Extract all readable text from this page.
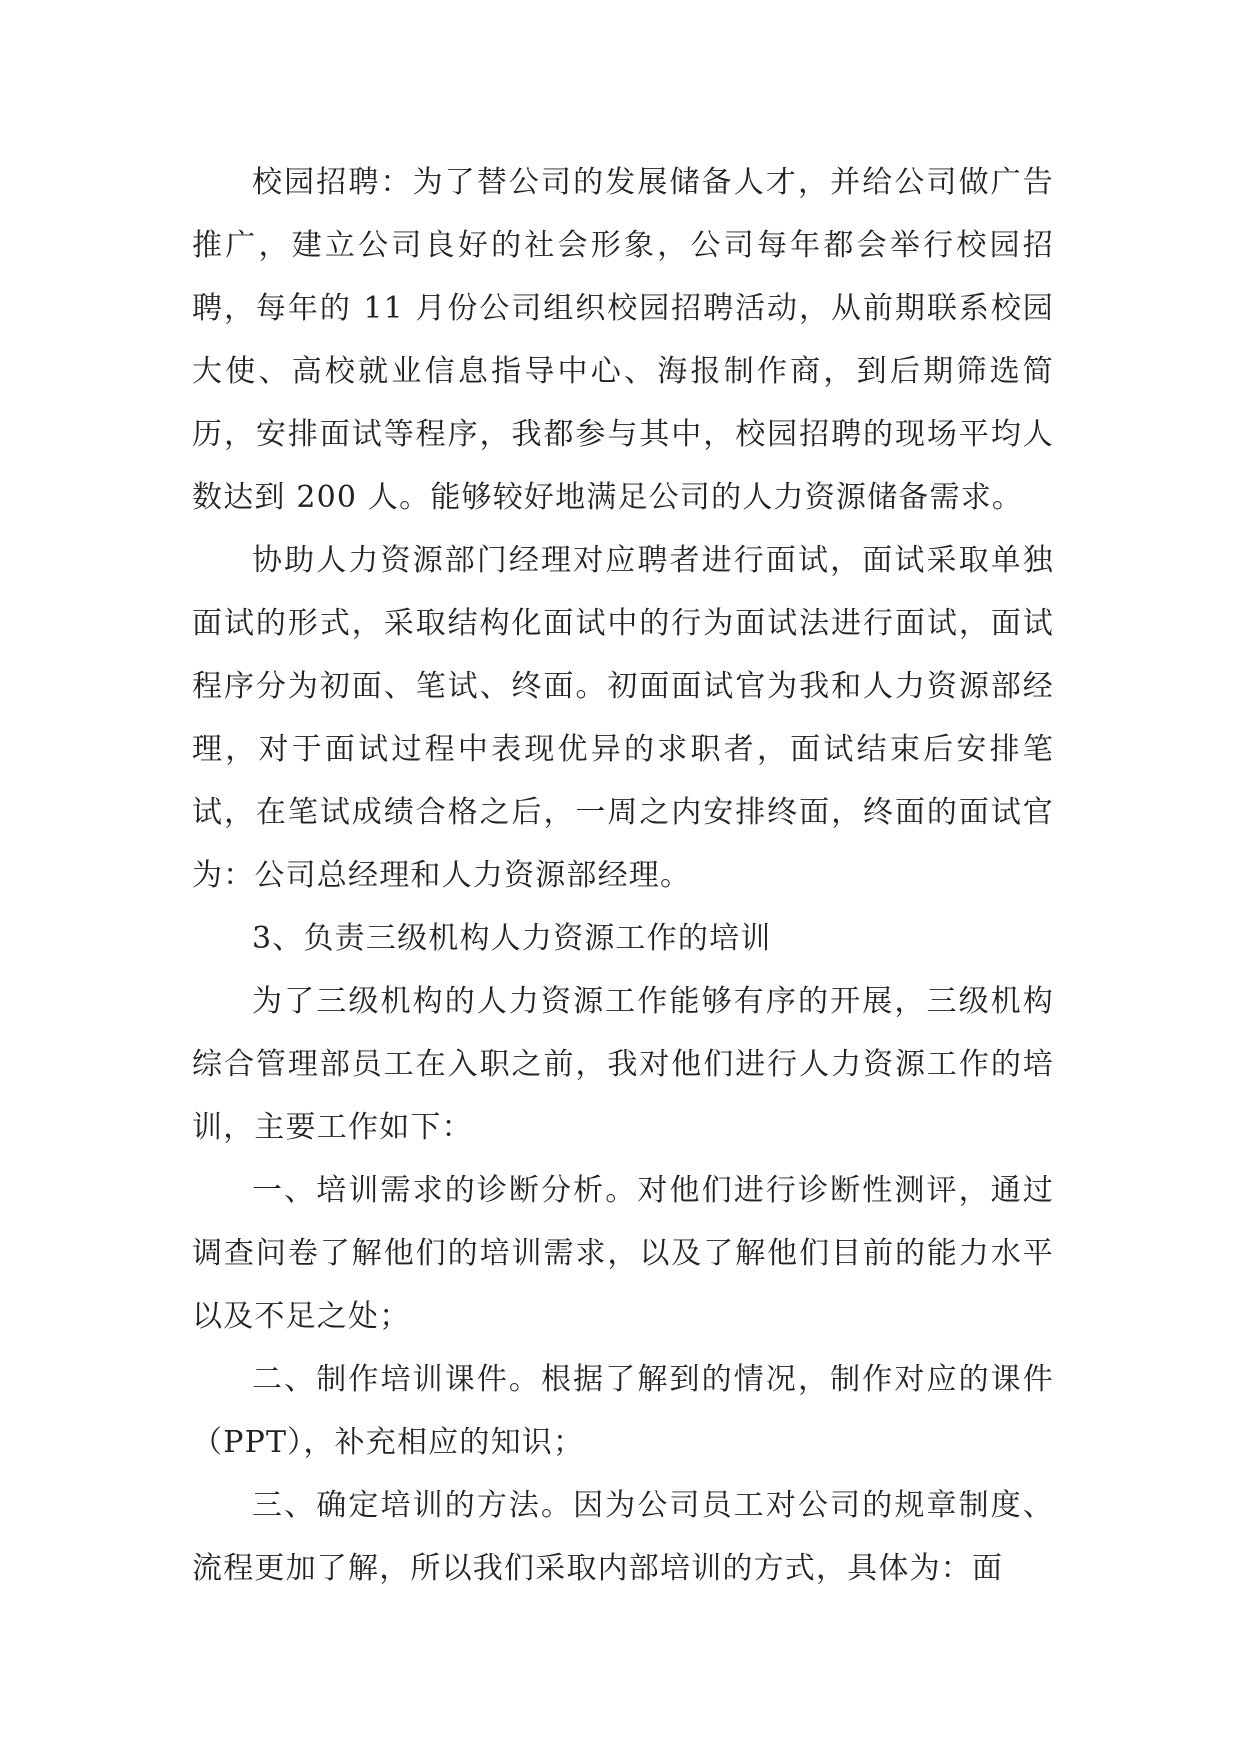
校园招聘：为了替公司的发展储备人才，并给公司做广告推广，建立公司良好的社会形象，公司每年都会举行校园招聘，每年的 11 月份公司组织校园招聘活动，从前期联系校园大使、高校就业信息指导中心、海报制作商，到后期筛选简历，安排面试等程序，我都参与其中，校园招聘的现场平均人数达到 200 人。能够较好地满足公司的人力资源储备需求。

协助人力资源部门经理对应聘者进行面试，面试采取单独面试的形式，采取结构化面试中的行为面试法进行面试，面试程序分为初面、笔试、终面。初面面试官为我和人力资源部经理，对于面试过程中表现优异的求职者，面试结束后安排笔试，在笔试成绩合格之后，一周之内安排终面，终面的面试官为：公司总经理和人力资源部经理。

3、负责三级机构人力资源工作的培训

为了三级机构的人力资源工作能够有序的开展，三级机构综合管理部员工在入职之前，我对他们进行人力资源工作的培训，主要工作如下：

一、培训需求的诊断分析。对他们进行诊断性测评，通过调查问卷了解他们的培训需求，以及了解他们目前的能力水平以及不足之处；

二、制作培训课件。根据了解到的情况，制作对应的课件（PPT），补充相应的知识；

三、确定培训的方法。因为公司员工对公司的规章制度、流程更加了解，所以我们采取内部培训的方式，具体为：面
